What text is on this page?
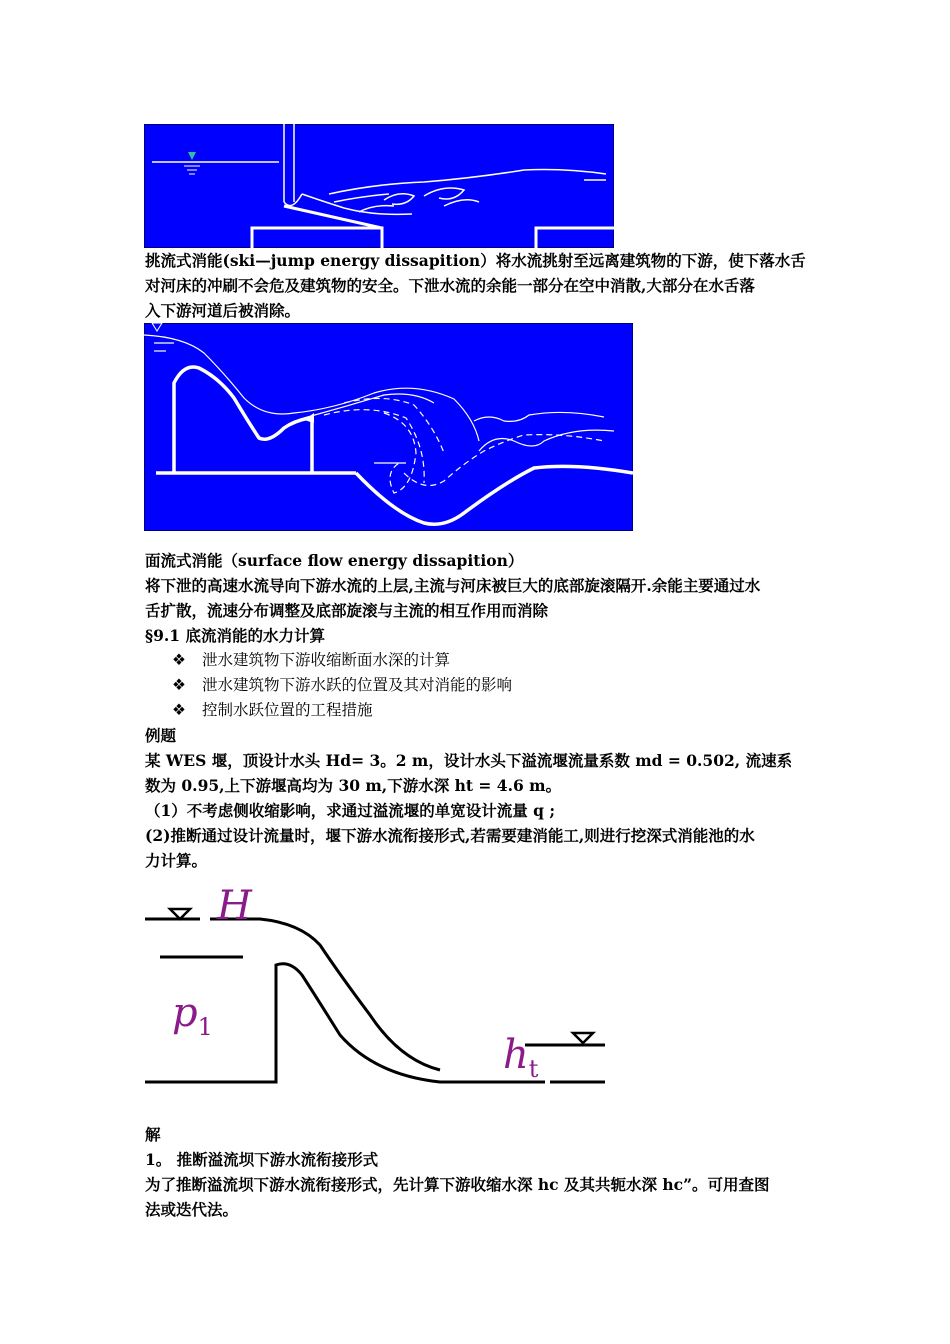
挑流式消能(ski—jump energy dissapition）将水流挑射至远离建筑物的下游，使下落水舌
对河床的冲刷不会危及建筑物的安全。下泄水流的余能一部分在空中消散,大部分在水舌落
入下游河道后被消除。
面流式消能（surface flow energy dissapition）
将下泄的高速水流导向下游水流的上层,主流与河床被巨大的底部旋滚隔开.余能主要通过水
舌扩散，流速分布调整及底部旋滚与主流的相互作用而消除
§9.1 底流消能的水力计算
❖ 泄水建筑物下游收缩断面水深的计算
❖ 泄水建筑物下游水跃的位置及其对消能的影响
❖ 控制水跃位置的工程措施
例题
某 WES 堰，顶设计水头 Hd= 3。2 m，设计水头下溢流堰流量系数 md = 0.502, 流速系
数为 0.95,上下游堰高均为 30 m,下游水深 ht = 4.6 m。
（1）不考虑侧收缩影响，求通过溢流堰的单宽设计流量 q ;
(2)推断通过设计流量时，堰下游水流衔接形式,若需要建消能工,则进行挖深式消能池的水
力计算。
H
$p_1$
$h_t$
解
1。 推断溢流坝下游水流衔接形式
为了推断溢流坝下游水流衔接形式，先计算下游收缩水深 hc 及其共轭水深 hc”。可用查图
法或迭代法。
